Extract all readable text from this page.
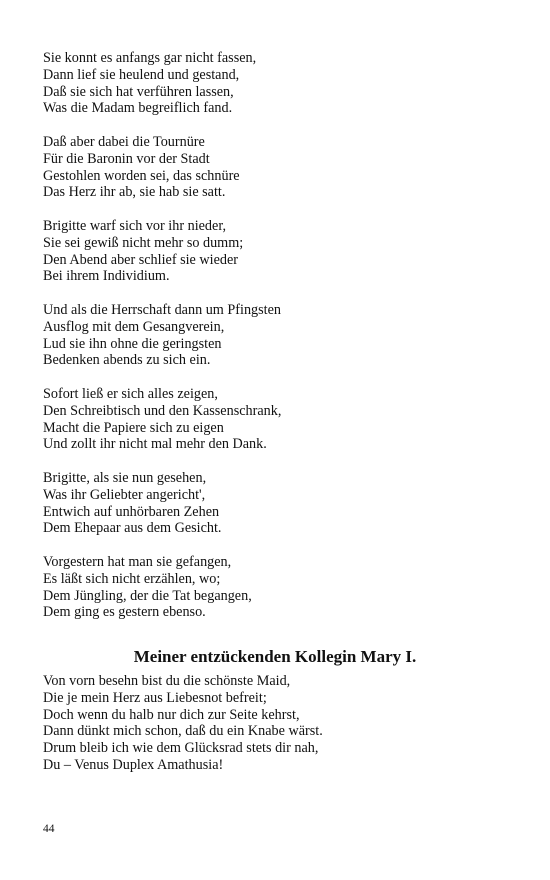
Sie konnt es anfangs gar nicht fassen,
Dann lief sie heulend und gestand,
Daß sie sich hat verführen lassen,
Was die Madam begreiflich fand.
Daß aber dabei die Tournüre
Für die Baronin vor der Stadt
Gestohlen worden sei, das schnüre
Das Herz ihr ab, sie hab sie satt.
Brigitte warf sich vor ihr nieder,
Sie sei gewiß nicht mehr so dumm;
Den Abend aber schlief sie wieder
Bei ihrem Individium.
Und als die Herrschaft dann um Pfingsten
Ausflog mit dem Gesangverein,
Lud sie ihn ohne die geringsten
Bedenken abends zu sich ein.
Sofort ließ er sich alles zeigen,
Den Schreibtisch und den Kassenschrank,
Macht die Papiere sich zu eigen
Und zollt ihr nicht mal mehr den Dank.
Brigitte, als sie nun gesehen,
Was ihr Geliebter angericht',
Entwich auf unhörbaren Zehen
Dem Ehepaar aus dem Gesicht.
Vorgestern hat man sie gefangen,
Es läßt sich nicht erzählen, wo;
Dem Jüngling, der die Tat begangen,
Dem ging es gestern ebenso.
Meiner entzückenden Kollegin Mary I.
Von vorn besehn bist du die schönste Maid,
Die je mein Herz aus Liebesnot befreit;
Doch wenn du halb nur dich zur Seite kehrst,
Dann dünkt mich schon, daß du ein Knabe wärst.
Drum bleib ich wie dem Glücksrad stets dir nah,
Du – Venus Duplex Amathusia!
44
